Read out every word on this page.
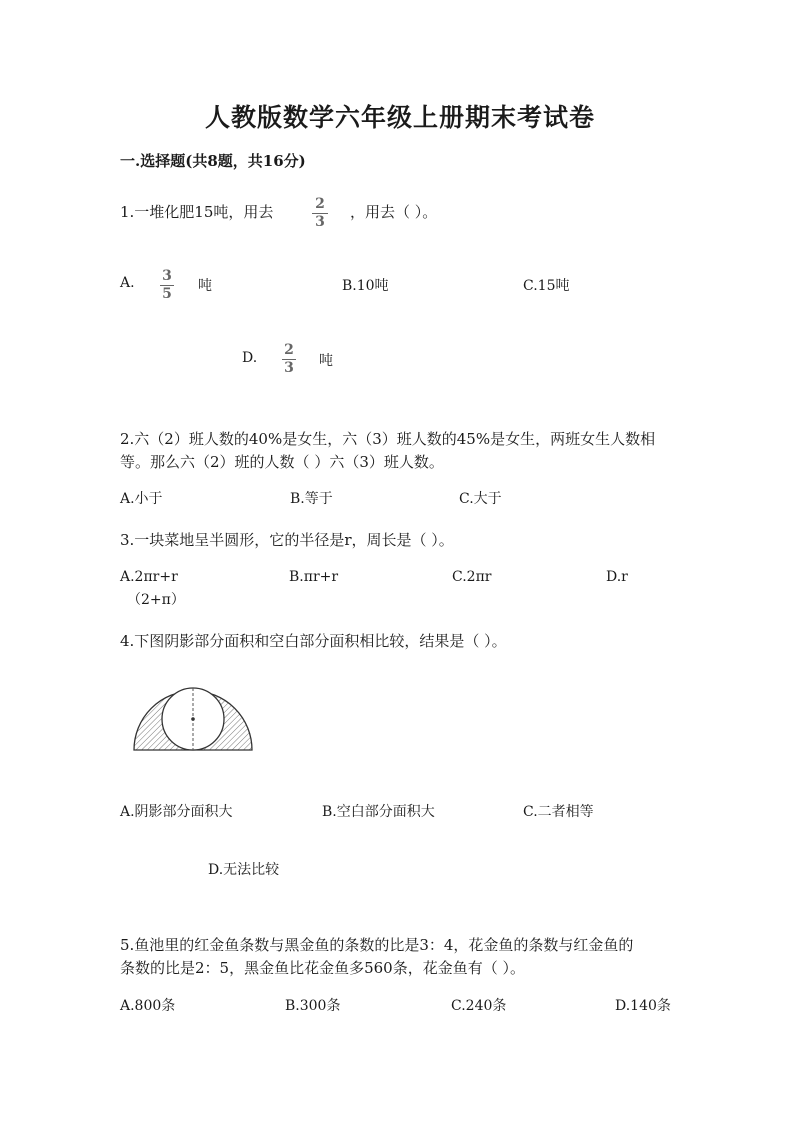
人教版数学六年级上册期末考试卷
一.选择题(共8题，共16分)
1.一堆化肥15吨，用去	2
3
，用去（ ）。
A. 3
5 吨	B.10吨	C.15吨
D. 2
3 吨
2.六（2）班人数的40%是女生，六（3）班人数的45%是女生，两班女生人数相
等。那么六（2）班的人数（ ）六（3）班人数。
A.小于	B.等于	C.大于
3.一块菜地呈半圆形，它的半径是r，周长是（ ）。
A.2πr+r	B.πr+r	C.2πr	D.r
（2+π）
4.下图阴影部分面积和空白部分面积相比较，结果是（ ）。
A.阴影部分面积大	B.空白部分面积大	C.二者相等
D.无法比较
5.鱼池里的红金鱼条数与黑金鱼的条数的比是3：4，花金鱼的条数与红金鱼的
条数的比是2：5，黑金鱼比花金鱼多560条，花金鱼有（ ）。
A.800条	B.300条	C.240条	D.140条
